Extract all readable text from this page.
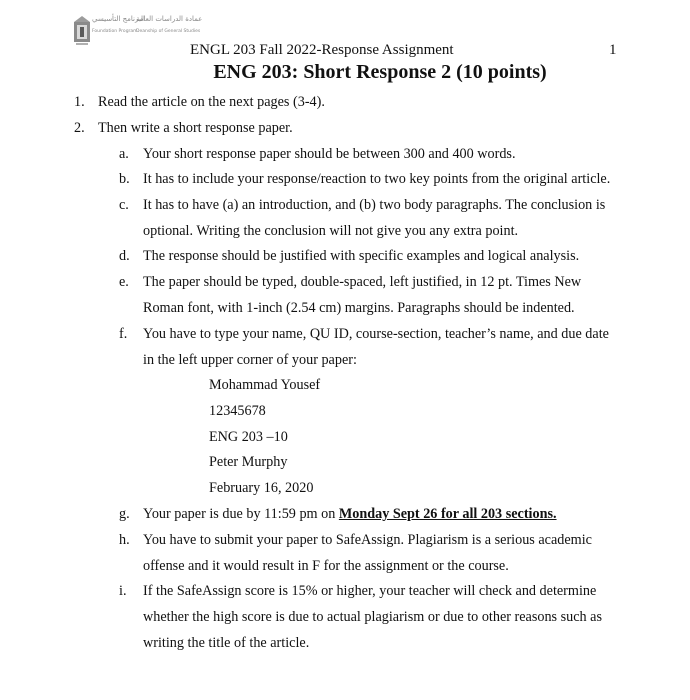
البرنامج التأسيسي
عمادة الدراسات العامة
Foundation Program
Deanship of General Studies
ENGL 203 Fall 2022-Response Assignment	1
ENG 203: Short Response 2 (10 points)
1. Read the article on the next pages (3-4).
2. Then write a short response paper.
a. Your short response paper should be between 300 and 400 words.
b. It has to include your response/reaction to two key points from the original article.
c. It has to have (a) an introduction, and (b) two body paragraphs. The conclusion is
optional. Writing the conclusion will not give you any extra point.
d. The response should be justified with specific examples and logical analysis.
e. The paper should be typed, double-spaced, left justified, in 12 pt. Times New
Roman font, with 1-inch (2.54 cm) margins. Paragraphs should be indented.
f. You have to type your name, QU ID, course-section, teacher’s name, and due date
in the left upper corner of your paper:
Mohammad Yousef
12345678
ENG 203 –10
Peter Murphy
February 16, 2020
g. Your paper is due by 11:59 pm on Monday Sept 26 for all 203 sections.
h. You have to submit your paper to SafeAssign. Plagiarism is a serious academic
offense and it would result in F for the assignment or the course.
i. If the SafeAssign score is 15% or higher, your teacher will check and determine
whether the high score is due to actual plagiarism or due to other reasons such as
writing the title of the article.
